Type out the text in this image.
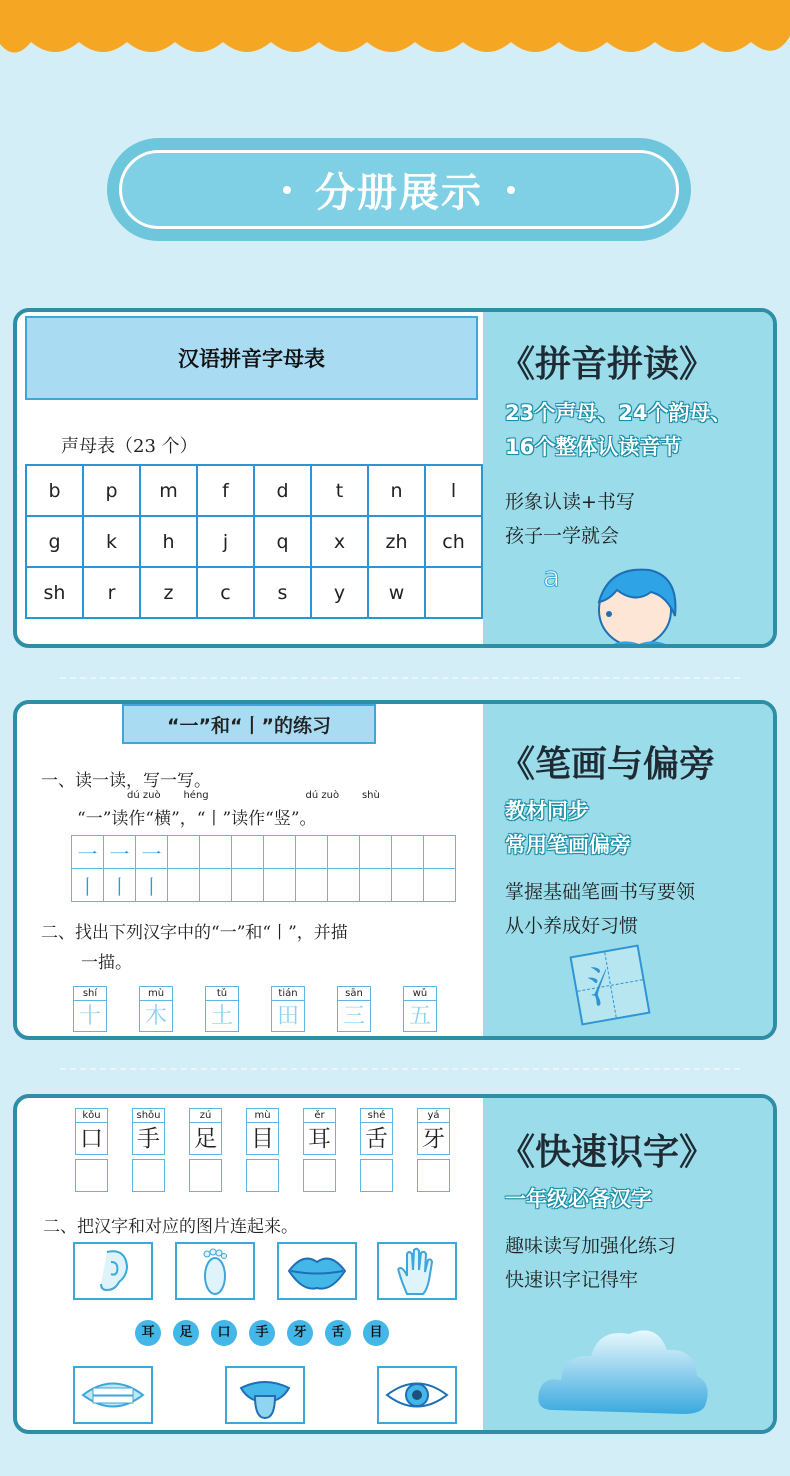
分册展示
汉语拼音字母表
声母表（23 个）
b	p	m	f	d	t	n	l
g	k	h	j	q	x	zh	ch
sh	r	z	c	s	y	w	
《拼音拼读》
23个声母、24个韵母、
16个整体认读音节
形象认读+书写
孩子一学就会
a
“一”和“丨”的练习
一、读一读，写一写。
dú zuò héng	dú zuò shù
“一”读作“横”，“丨”读作“竖”。
一	一	一									
丨	丨	丨									
二、找出下列汉字中的“一”和“丨”，并描
一描。
shí
十
mù
木
tǔ
土
tián
田
sān
三
wǔ
五
《笔画与偏旁
教材同步
常用笔画偏旁
掌握基础笔画书写要领
从小养成好习惯
氵
kǒu
口
shǒu
手
zú
足
mù
目
ěr
耳
shé
舌
yá
牙
二、把汉字和对应的图片连起来。
耳	足	口	手	牙	舌	目
《快速识字》
一年级必备汉字
趣味读写加强化练习
快速识字记得牢
